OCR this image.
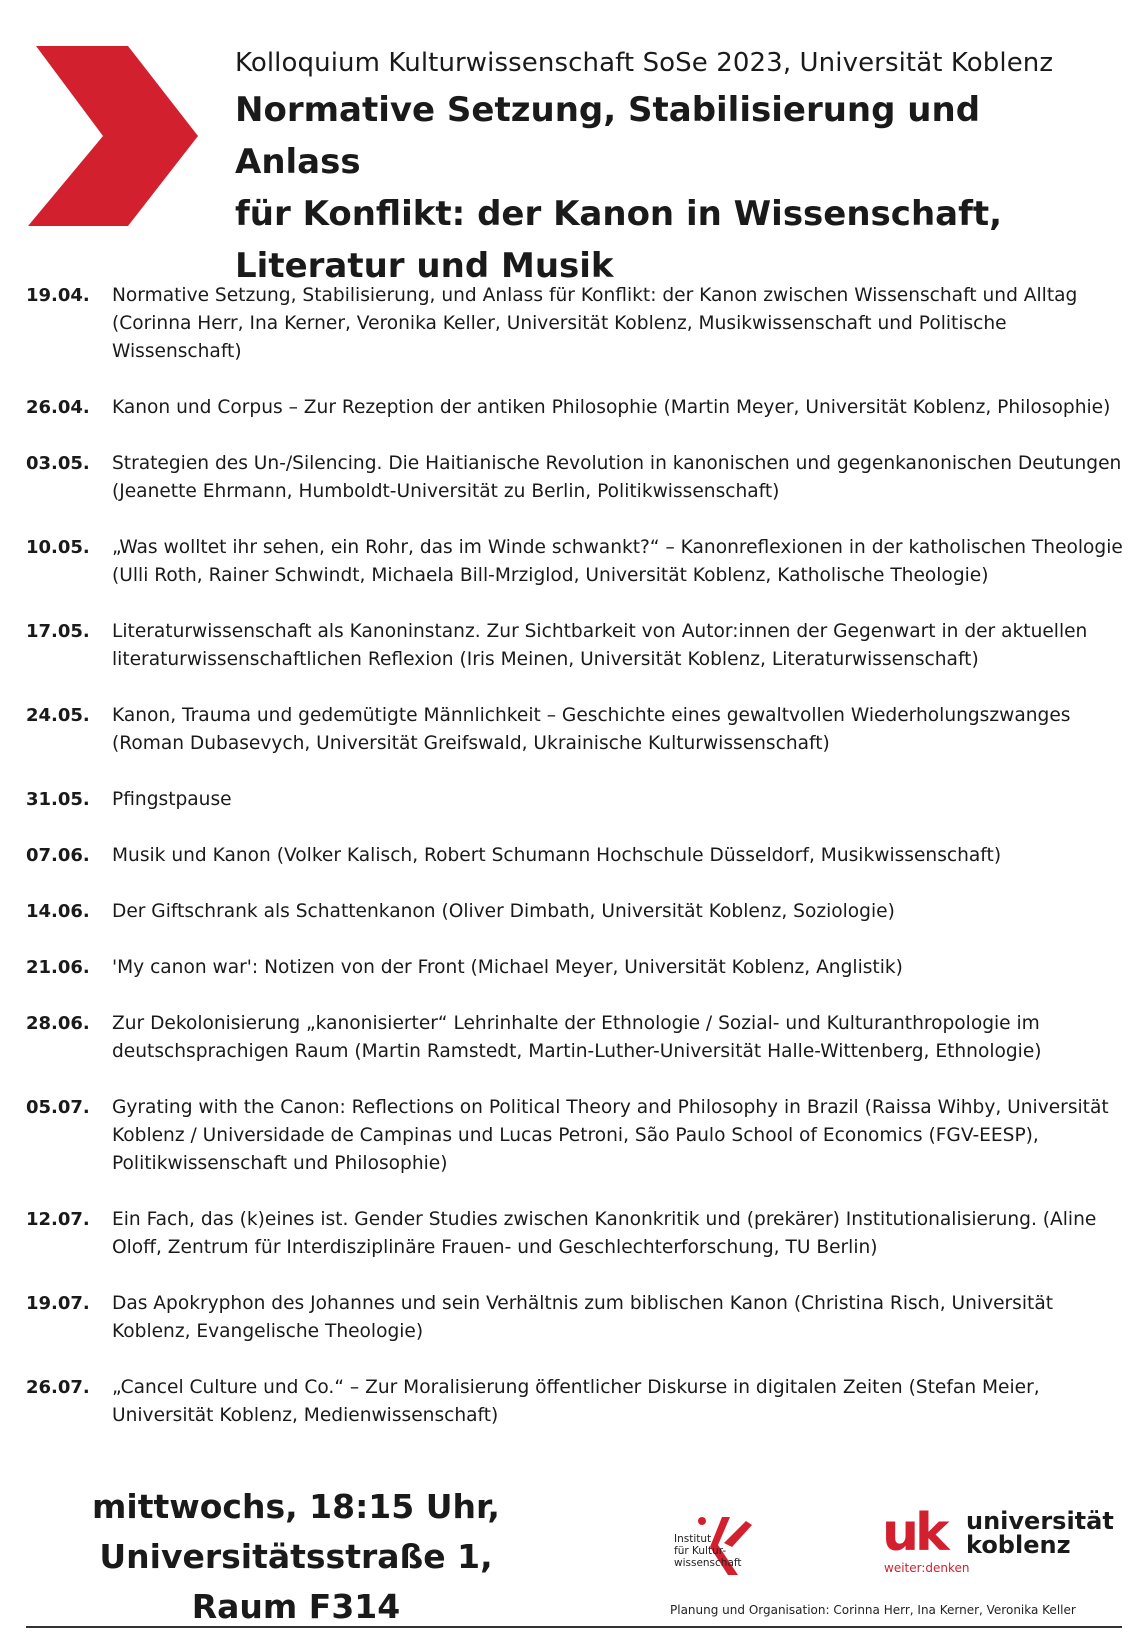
Kolloquium Kulturwissenschaft SoSe 2023, Universität Koblenz

Normative Setzung, Stabilisierung und Anlass

für Konflikt: der Kanon in Wissenschaft,

Literatur und Musik

19.04.	Normative Setzung, Stabilisierung, und Anlass für Konflikt: der Kanon zwischen Wissenschaft und Alltag (Corinna Herr, Ina Kerner, Veronika Keller, Universität Koblenz, Musikwissenschaft und Politische Wissenschaft)
26.04.	Kanon und Corpus – Zur Rezeption der antiken Philosophie (Martin Meyer, Universität Koblenz, Philosophie)
03.05.	Strategien des Un-/Silencing. Die Haitianische Revolution in kanonischen und gegenkanonischen Deutungen (Jeanette Ehrmann, Humboldt-Universität zu Berlin, Politikwissenschaft)
10.05.	„Was wolltet ihr sehen, ein Rohr, das im Winde schwankt?“ – Kanonreflexionen in der katholischen Theologie (Ulli Roth, Rainer Schwindt, Michaela Bill-Mrziglod, Universität Koblenz, Katholische Theologie)
17.05.	Literaturwissenschaft als Kanoninstanz. Zur Sichtbarkeit von Autor:innen der Gegenwart in der aktuellen literaturwissenschaftlichen Reflexion (Iris Meinen, Universität Koblenz, Literaturwissenschaft)
24.05.	Kanon, Trauma und gedemütigte Männlichkeit – Geschichte eines gewaltvollen Wiederholungszwanges (Roman Dubasevych, Universität Greifswald, Ukrainische Kulturwissenschaft)
31.05.	Pfingstpause
07.06.	Musik und Kanon (Volker Kalisch, Robert Schumann Hochschule Düsseldorf, Musikwissenschaft)
14.06.	Der Giftschrank als Schattenkanon (Oliver Dimbath, Universität Koblenz, Soziologie)
21.06.	'My canon war': Notizen von der Front (Michael Meyer, Universität Koblenz, Anglistik)
28.06.	Zur Dekolonisierung „kanonisierter“ Lehrinhalte der Ethnologie / Sozial- und Kulturanthropologie im deutschsprachigen Raum (Martin Ramstedt, Martin-Luther-Universität Halle-Wittenberg, Ethnologie)
05.07.	Gyrating with the Canon: Reflections on Political Theory and Philosophy in Brazil (Raissa Wihby, Universität Koblenz / Universidade de Campinas und Lucas Petroni, São Paulo School of Economics (FGV-EESP), Politikwissenschaft und Philosophie)
12.07.	Ein Fach, das (k)eines ist. Gender Studies zwischen Kanonkritik und (prekärer) Institutionalisierung. (Aline Oloff, Zentrum für Interdisziplinäre Frauen- und Geschlechterforschung, TU Berlin)
19.07.	Das Apokryphon des Johannes und sein Verhältnis zum biblischen Kanon (Christina Risch, Universität Koblenz, Evangelische Theologie)
26.07.	„Cancel Culture und Co.“ – Zur Moralisierung öffentlicher Diskurse in digitalen Zeiten (Stefan Meier, Universität Koblenz, Medienwissenschaft)
mittwochs, 18:15 Uhr,
Universitätsstraße 1,
Raum F314
Institut
für Kultur-
wissenschaft	uk universität
koblenz
weiter:denken
Planung und Organisation: Corinna Herr, Ina Kerner, Veronika Keller
